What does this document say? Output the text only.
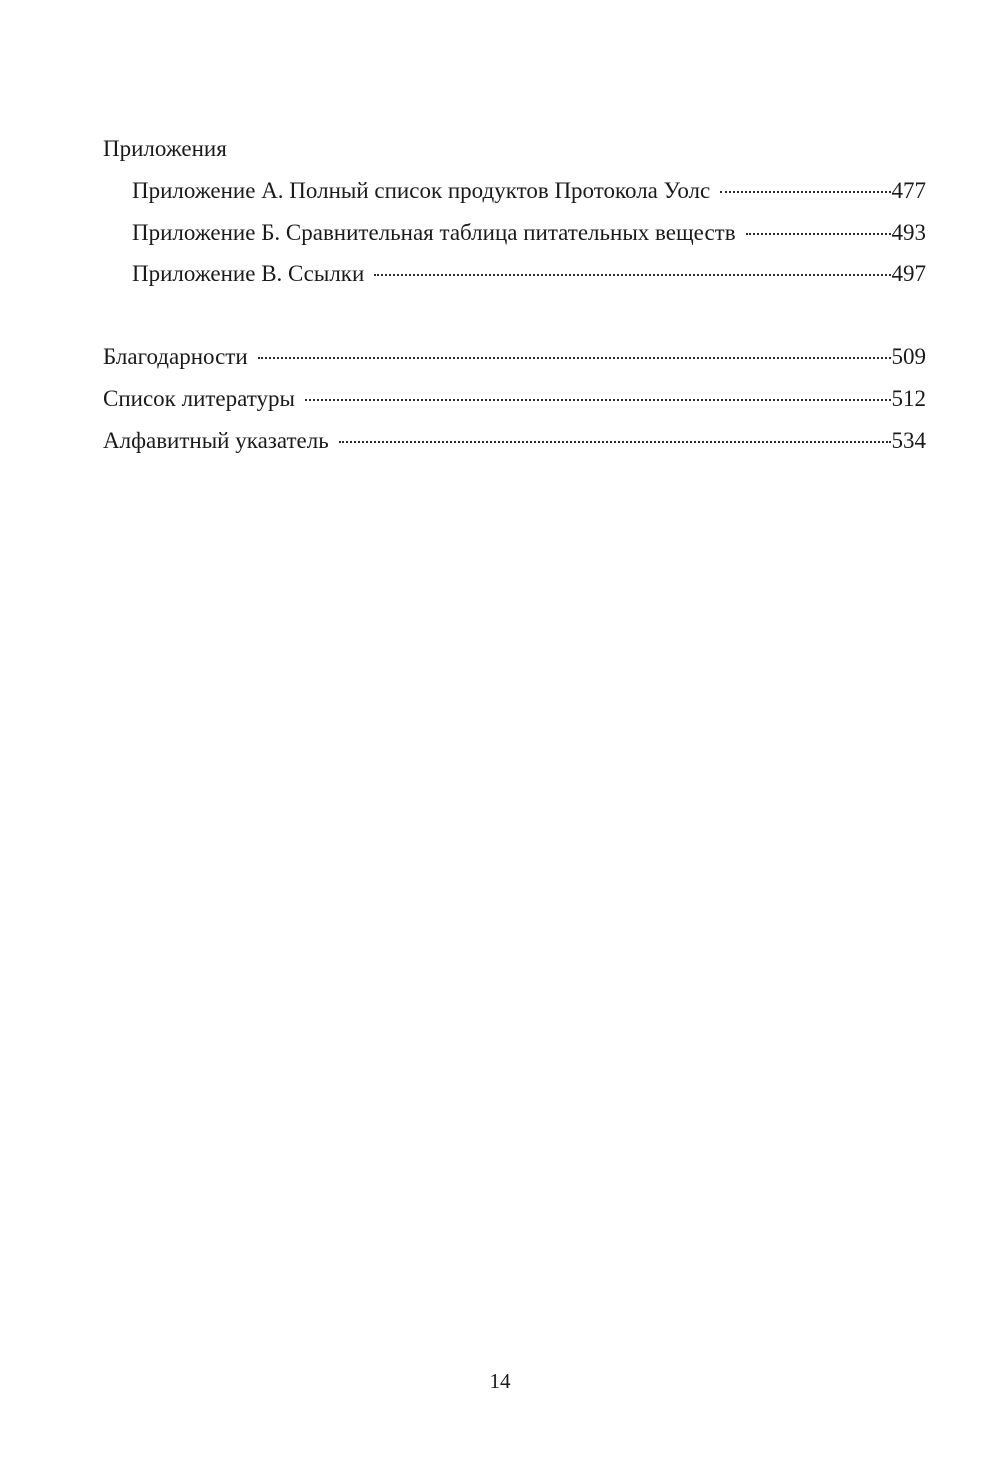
Приложения
Приложение А. Полный список продуктов Протокола Уолс	477
Приложение Б. Сравнительная таблица питательных веществ	493
Приложение В. Ссылки	497
Благодарности	509
Список литературы	512
Алфавитный указатель	534
14
